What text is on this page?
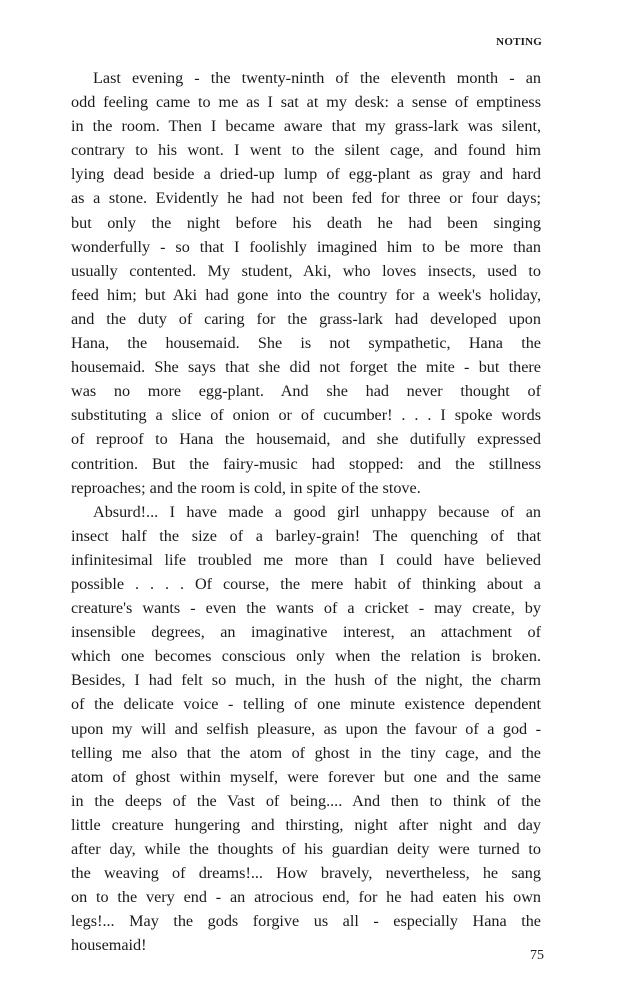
NOTING
Last evening - the twenty-ninth of the eleventh month - an
odd feeling came to me as I sat at my desk: a sense of emptiness
in the room. Then I became aware that my grass-lark was silent,
contrary to his wont. I went to the silent cage, and found him
lying dead beside a dried-up lump of egg-plant as gray and hard
as a stone. Evidently he had not been fed for three or four days;
but only the night before his death he had been singing
wonderfully - so that I foolishly imagined him to be more than
usually contented. My student, Aki, who loves insects, used to
feed him; but Aki had gone into the country for a week's holiday,
and the duty of caring for the grass-lark had developed upon
Hana, the housemaid. She is not sympathetic, Hana the
housemaid. She says that she did not forget the mite - but there
was no more egg-plant. And she had never thought of
substituting a slice of onion or of cucumber! . . . I spoke words
of reproof to Hana the housemaid, and she dutifully expressed
contrition. But the fairy-music had stopped: and the stillness
reproaches; and the room is cold, in spite of the stove.
Absurd!... I have made a good girl unhappy because of an
insect half the size of a barley-grain! The quenching of that
infinitesimal life troubled me more than I could have believed
possible . . . . Of course, the mere habit of thinking about a
creature's wants - even the wants of a cricket - may create, by
insensible degrees, an imaginative interest, an attachment of
which one becomes conscious only when the relation is broken.
Besides, I had felt so much, in the hush of the night, the charm
of the delicate voice - telling of one minute existence dependent
upon my will and selfish pleasure, as upon the favour of a god -
telling me also that the atom of ghost in the tiny cage, and the
atom of ghost within myself, were forever but one and the same
in the deeps of the Vast of being.... And then to think of the
little creature hungering and thirsting, night after night and day
after day, while the thoughts of his guardian deity were turned to
the weaving of dreams!... How bravely, nevertheless, he sang
on to the very end - an atrocious end, for he had eaten his own
legs!... May the gods forgive us all - especially Hana the
housemaid!
75
